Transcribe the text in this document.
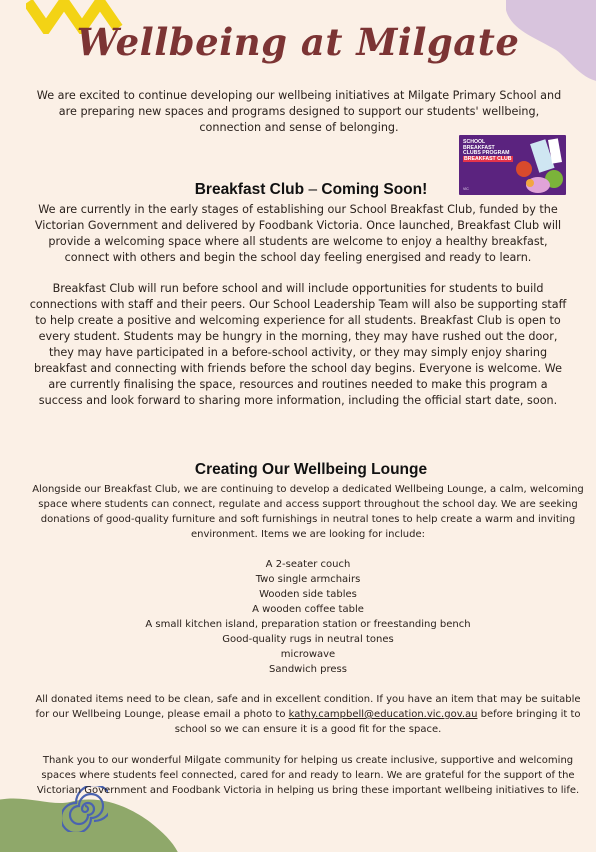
Wellbeing at Milgate
We are excited to continue developing our wellbeing initiatives at Milgate Primary School and are preparing new spaces and programs designed to support our students' wellbeing, connection and sense of belonging.
SCHOOL
BREAKFAST
CLUBS PROGRAM
BREAKFAST CLUB
VIC
Breakfast Club – Coming Soon!
We are currently in the early stages of establishing our School Breakfast Club, funded by the Victorian Government and delivered by Foodbank Victoria. Once launched, Breakfast Club will provide a welcoming space where all students are welcome to enjoy a healthy breakfast, connect with others and begin the school day feeling energised and ready to learn.
Breakfast Club will run before school and will include opportunities for students to build connections with staff and their peers. Our School Leadership Team will also be supporting staff to help create a positive and welcoming experience for all students. Breakfast Club is open to every student. Students may be hungry in the morning, they may have rushed out the door, they may have participated in a before-school activity, or they may simply enjoy sharing breakfast and connecting with friends before the school day begins. Everyone is welcome. We are currently finalising the space, resources and routines needed to make this program a success and look forward to sharing more information, including the official start date, soon.
Creating Our Wellbeing Lounge
Alongside our Breakfast Club, we are continuing to develop a dedicated Wellbeing Lounge, a calm, welcoming space where students can connect, regulate and access support throughout the school day. We are seeking donations of good-quality furniture and soft furnishings in neutral tones to help create a warm and inviting environment. Items we are looking for include:
A 2-seater couch
Two single armchairs
Wooden side tables
A wooden coffee table
A small kitchen island, preparation station or freestanding bench
Good-quality rugs in neutral tones
microwave
Sandwich press
All donated items need to be clean, safe and in excellent condition. If you have an item that may be suitable for our Wellbeing Lounge, please email a photo to kathy.campbell@education.vic.gov.au before bringing it to school so we can ensure it is a good fit for the space.
Thank you to our wonderful Milgate community for helping us create inclusive, supportive and welcoming spaces where students feel connected, cared for and ready to learn. We are grateful for the support of the Victorian Government and Foodbank Victoria in helping us bring these important wellbeing initiatives to life.
